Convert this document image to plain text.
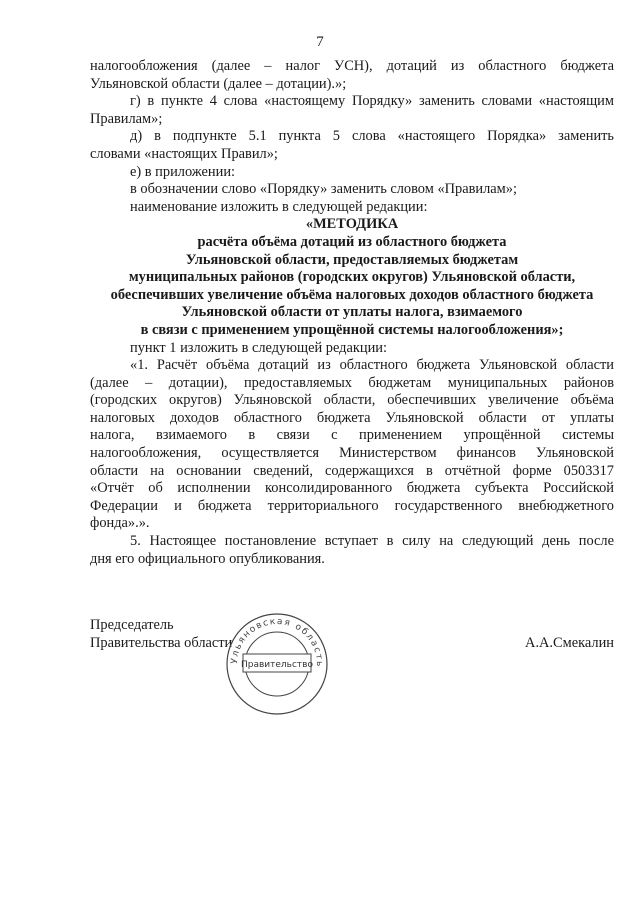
7

налогообложения (далее – налог УСН), дотаций из областного бюджета

Ульяновской области (далее – дотации).»;

г) в пункте 4 слова «настоящему Порядку» заменить словами «настоящим

Правилам»;

д) в подпункте 5.1 пункта 5 слова «настоящего Порядка» заменить

словами «настоящих Правил»;

е) в приложении:

в обозначении слово «Порядку» заменить словом «Правилам»;

наименование изложить в следующей редакции:

«МЕТОДИКА

расчёта объёма дотаций из областного бюджета

Ульяновской области, предоставляемых бюджетам

муниципальных районов (городских округов) Ульяновской области,

обеспечивших увеличение объёма налоговых доходов областного бюджета

Ульяновской области от уплаты налога, взимаемого

в связи с применением упрощённой системы налогообложения»;

пункт 1 изложить в следующей редакции:

«1. Расчёт объёма дотаций из областного бюджета Ульяновской области

(далее – дотации), предоставляемых бюджетам муниципальных районов

(городских округов) Ульяновской области, обеспечивших увеличение объёма

налоговых доходов областного бюджета Ульяновской области от уплаты

налога, взимаемого в связи с применением упрощённой системы

налогообложения, осуществляется Министерством финансов Ульяновской

области на основании сведений, содержащихся в отчётной форме 0503317

«Отчёт об исполнении консолидированного бюджета субъекта Российской

Федерации и бюджета территориального государственного внебюджетного

фонда».».

5. Настоящее постановление вступает в силу на следующий день после

дня его официального опубликования.

Председатель
Правительства области	А.А.Смекалин
Ульяновская область
Правительство
